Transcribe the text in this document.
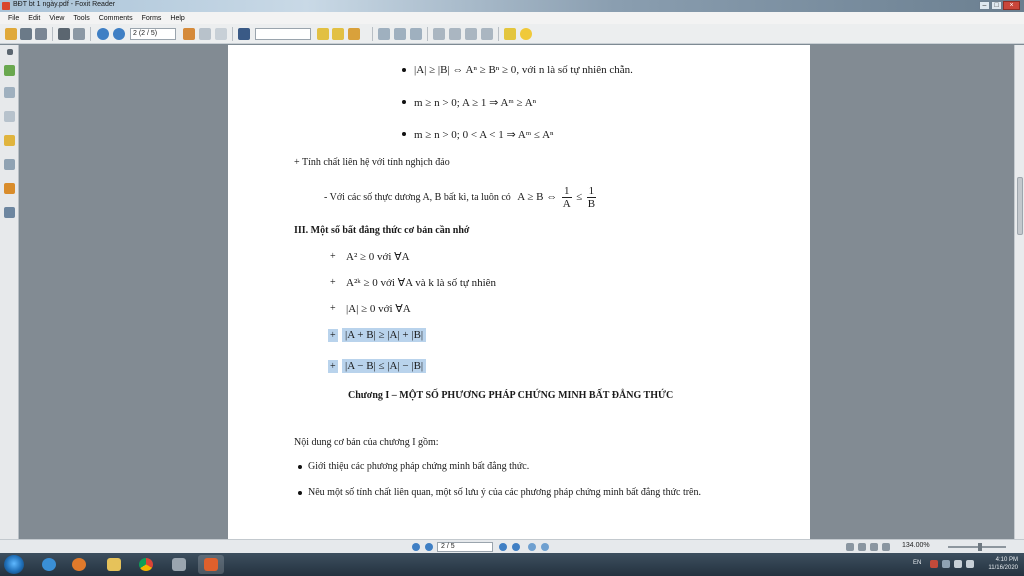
BĐT bt 1 ngày.pdf - Foxit Reader	–	□	×
File Edit View Tools Comments Forms Help
2 (2 / 5)
|A| ≥ |B| ⇔ Aⁿ ≥ Bⁿ ≥ 0, với n là số tự nhiên chẵn.
m ≥ n > 0; A ≥ 1 ⇒ Aᵐ ≥ Aⁿ
m ≥ n > 0; 0 < A < 1 ⇒ Aᵐ ≤ Aⁿ
+ Tính chất liên hệ với tính nghịch đảo
- Với các số thực dương A, B bất kì, ta luôn có A ≥ B ⇔ $\frac{1}{A} \le \frac{1}{B}$
III. Một số bất đẳng thức cơ bản cần nhớ
+ A² ≥ 0 với ∀A
+ A²ᵏ ≥ 0 với ∀A và k là số tự nhiên
+ |A| ≥ 0 với ∀A
+ |A + B| ≥ |A| + |B|
+ |A − B| ≤ |A| − |B|
Chương I – MỘT SỐ PHƯƠNG PHÁP CHỨNG MINH BẤT ĐẲNG THỨC
Nội dung cơ bản của chương I gồm:
Giới thiệu các phương pháp chứng minh bất đẳng thức.
Nêu một số tính chất liên quan, một số lưu ý của các phương pháp chứng minh bất đẳng thức trên.
2 / 5	134.00%
EN	4:10 PM
11/16/2020
